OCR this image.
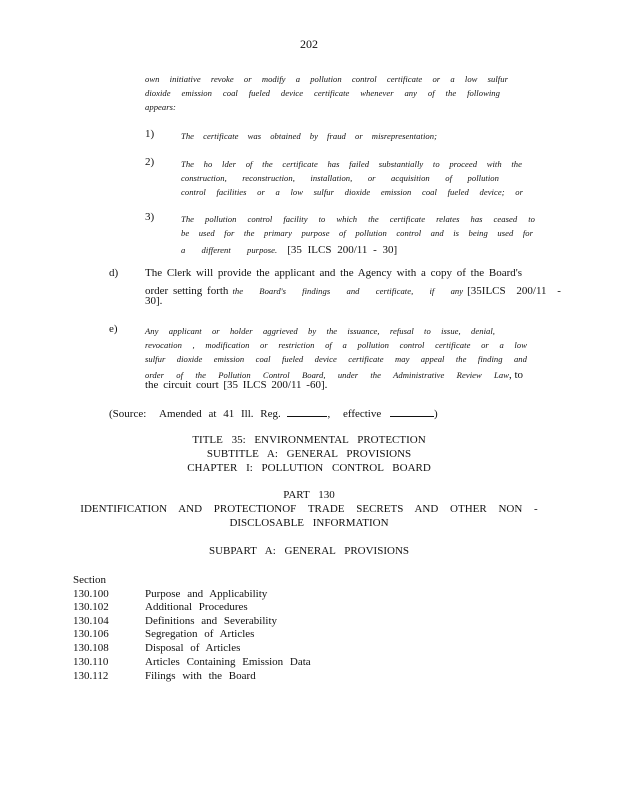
202
own initiative revoke or modify a pollution control certificate or a low sulfur
dioxide emission coal fueled device certificate whenever any of the following
appears:
1)	The certificate was obtained by fraud or misrepresentation;
2)	The ho lder of the certificate has failed substantially to proceed with the
construction, reconstruction, installation, or acquisition of pollution
control facilities or a low sulfur dioxide emission coal fueled device; or
3)	The pollution control facility to which the certificate relates has ceased to
be used for the primary purpose of pollution control and is being used for
a different purpose. [35 ILCS 200/11 - 30]
d) The Clerk will provide the applicant and the Agency with a copy of the Board's
order setting forth the Board's findings and certificate, if any [35ILCS 200/11 -
30].
e)	Any applicant or holder aggrieved by the issuance, refusal to issue, denial,
revocation , modification or restriction of a pollution control certificate or a low
sulfur dioxide emission coal fueled device certificate may appeal the finding and
order of the Pollution Control Board, under the Administrative Review Law, to
the circuit court [35 ILCS 200/11 -60].
(Source: Amended at 41 Ill. Reg.	, effective	)
TITLE 35: ENVIRONMENTAL PROTECTION
SUBTITLE A: GENERAL PROVISIONS
CHAPTER I: POLLUTION CONTROL BOARD
PART 130
IDENTIFICATION AND PROTECTIONOF TRADE SECRETS AND OTHER NON -
DISCLOSABLE INFORMATION
SUBPART A: GENERAL PROVISIONS
Section
130.100	Purpose and Applicability
130.102	Additional Procedures
130.104	Definitions and Severability
130.106	Segregation of Articles
130.108	Disposal of Articles
130.110	Articles Containing Emission Data
130.112	Filings with the Board
